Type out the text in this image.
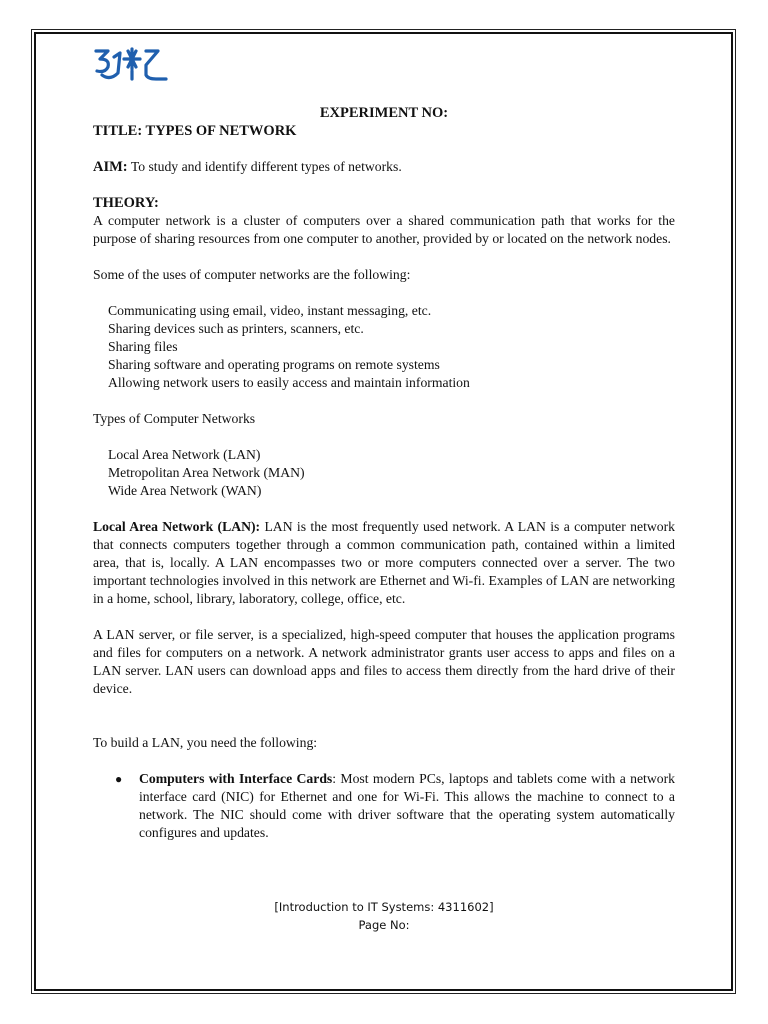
EXPERIMENT NO:

TITLE: TYPES OF NETWORK

AIM: To study and identify different types of networks.

THEORY:

A computer network is a cluster of computers over a shared communication path that works for the purpose of sharing resources from one computer to another, provided by or located on the network nodes.

Some of the uses of computer networks are the following:

Communicating using email, video, instant messaging, etc.
Sharing devices such as printers, scanners, etc.
Sharing files
Sharing software and operating programs on remote systems
Allowing network users to easily access and maintain information

Types of Computer Networks

Local Area Network (LAN)
Metropolitan Area Network (MAN)
Wide Area Network (WAN)

Local Area Network (LAN): LAN is the most frequently used network. A LAN is a computer network that connects computers together through a common communication path, contained within a limited area, that is, locally. A LAN encompasses two or more computers connected over a server. The two important technologies involved in this network are Ethernet and Wi-fi. Examples of LAN are networking in a home, school, library, laboratory, college, office, etc.

A LAN server, or file server, is a specialized, high-speed computer that houses the application programs and files for computers on a network. A network administrator grants user access to apps and files on a LAN server. LAN users can download apps and files to access them directly from the hard drive of their device.

To build a LAN, you need the following:

● Computers with Interface Cards: Most modern PCs, laptops and tablets come with a network interface card (NIC) for Ethernet and one for Wi-Fi. This allows the machine to connect to a network. The NIC should come with driver software that the operating system automatically configures and updates.
[Introduction to IT Systems: 4311602]
Page No:
